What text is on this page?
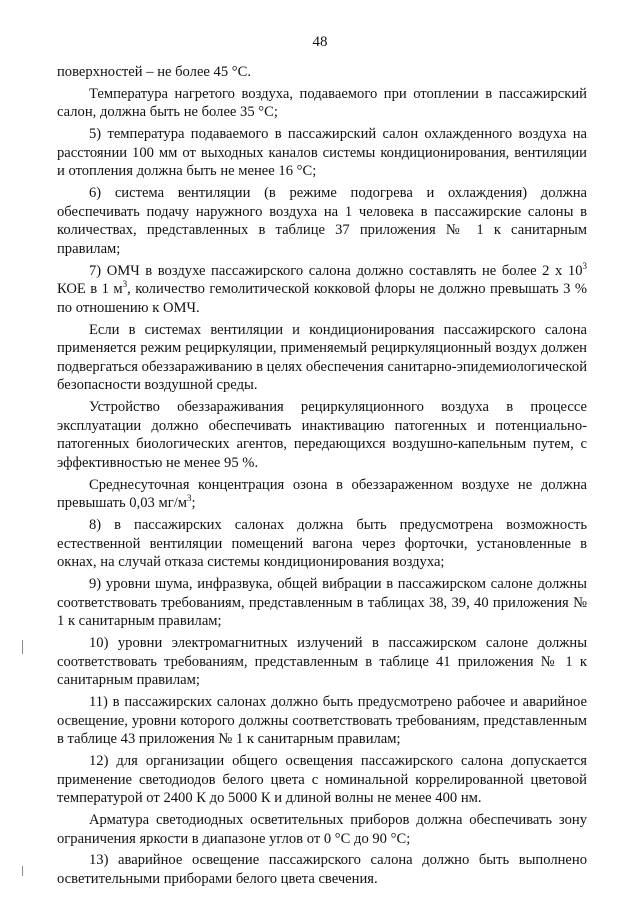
48

поверхностей – не более 45 °С.

Температура нагретого воздуха, подаваемого при отоплении в пассажирский салон, должна быть не более 35 °С;

5) температура подаваемого в пассажирский салон охлажденного воздуха на расстоянии 100 мм от выходных каналов системы кондиционирования, вентиляции и отопления должна быть не менее 16 °С;

6) система вентиляции (в режиме подогрева и охлаждения) должна обеспечивать подачу наружного воздуха на 1 человека в пассажирские салоны в количествах, представленных в таблице 37 приложения № 1 к санитарным правилам;

7) ОМЧ в воздухе пассажирского салона должно составлять не более 2 х $10^3$ КОЕ в 1 $м^3$, количество гемолитической кокковой флоры не должно превышать 3 % по отношению к ОМЧ.

Если в системах вентиляции и кондиционирования пассажирского салона применяется режим рециркуляции, применяемый рециркуляционный воздух должен подвергаться обеззараживанию в целях обеспечения санитарно-эпидемиологической безопасности воздушной среды.

Устройство обеззараживания рециркуляционного воздуха в процессе эксплуатации должно обеспечивать инактивацию патогенных и потенциально-патогенных биологических агентов, передающихся воздушно-капельным путем, с эффективностью не менее 95 %.

Среднесуточная концентрация озона в обеззараженном воздухе не должна превышать 0,03 $мг/м^3$;

8) в пассажирских салонах должна быть предусмотрена возможность естественной вентиляции помещений вагона через форточки, установленные в окнах, на случай отказа системы кондиционирования воздуха;

9) уровни шума, инфразвука, общей вибрации в пассажирском салоне должны соответствовать требованиям, представленным в таблицах 38, 39, 40 приложения № 1 к санитарным правилам;

10) уровни электромагнитных излучений в пассажирском салоне должны соответствовать требованиям, представленным в таблице 41 приложения № 1 к санитарным правилам;

11) в пассажирских салонах должно быть предусмотрено рабочее и аварийное освещение, уровни которого должны соответствовать требованиям, представленным в таблице 43 приложения № 1 к санитарным правилам;

12) для организации общего освещения пассажирского салона допускается применение светодиодов белого цвета с номинальной коррелированной цветовой температурой от 2400 К до 5000 К и длиной волны не менее 400 нм.

Арматура светодиодных осветительных приборов должна обеспечивать зону ограничения яркости в диапазоне углов от 0 °С до 90 °С;

13) аварийное освещение пассажирского салона должно быть выполнено осветительными приборами белого цвета свечения.
